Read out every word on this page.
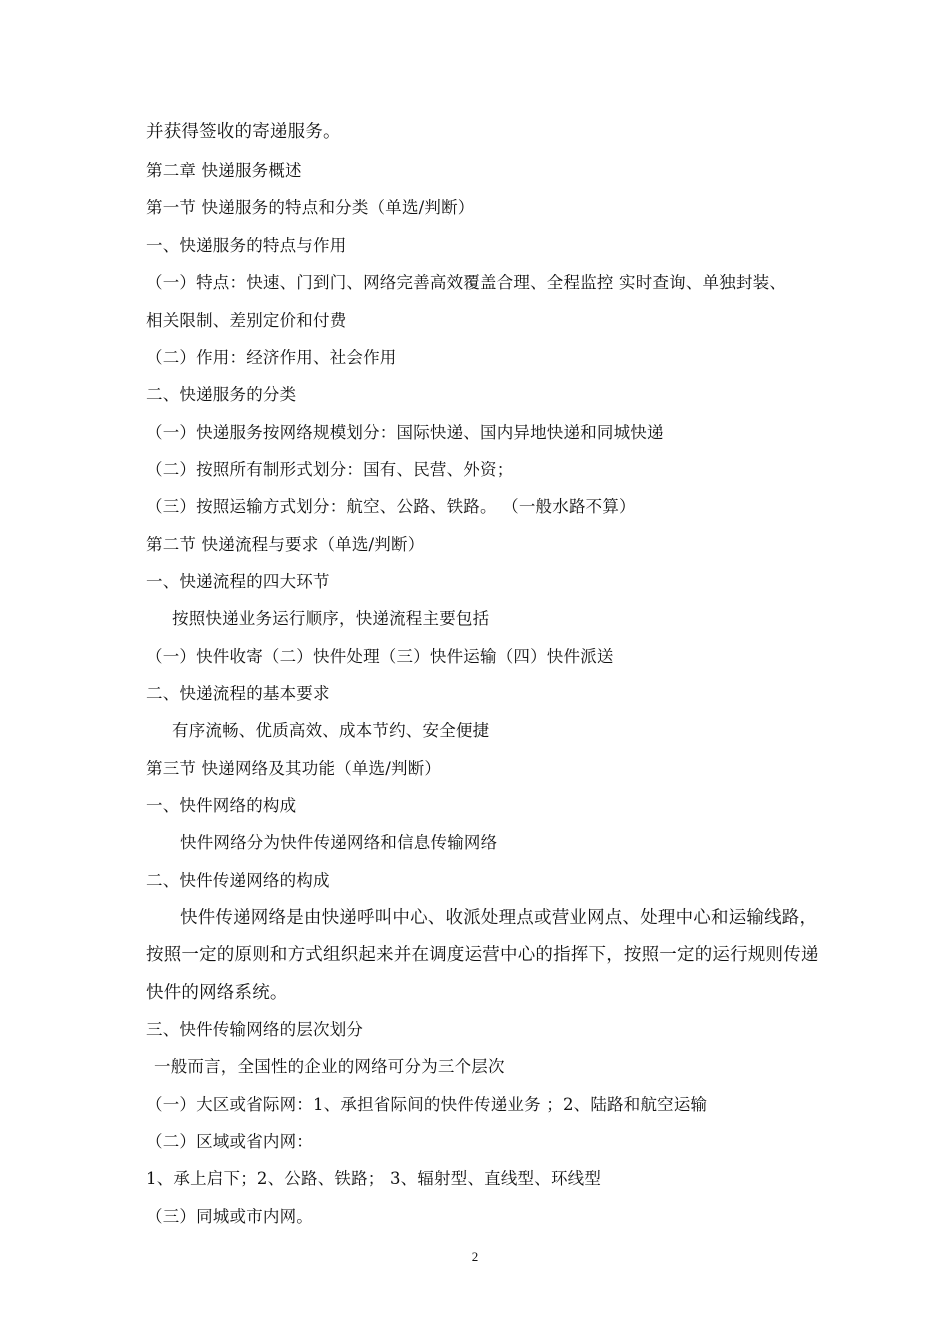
并获得签收的寄递服务。
第二章 快递服务概述
第一节 快递服务的特点和分类（单选/判断）
一、快递服务的特点与作用
（一）特点：快速、门到门、网络完善高效覆盖合理、全程监控 实时查询、单独封装、
相关限制、差别定价和付费
（二）作用：经济作用、社会作用
二、快递服务的分类
（一）快递服务按网络规模划分：国际快递、国内异地快递和同城快递
（二）按照所有制形式划分：国有、民营、外资；
（三）按照运输方式划分：航空、公路、铁路。 （一般水路不算）
第二节 快递流程与要求（单选/判断）
一、快递流程的四大环节
按照快递业务运行顺序，快递流程主要包括
（一）快件收寄（二）快件处理（三）快件运输（四）快件派送
二、快递流程的基本要求
有序流畅、优质高效、成本节约、安全便捷
第三节 快递网络及其功能（单选/判断）
一、快件网络的构成
快件网络分为快件传递网络和信息传输网络
二、快件传递网络的构成
快件传递网络是由快递呼叫中心、收派处理点或营业网点、处理中心和运输线路，
按照一定的原则和方式组织起来并在调度运营中心的指挥下，按照一定的运行规则传递
快件的网络系统。
三、快件传输网络的层次划分
一般而言，全国性的企业的网络可分为三个层次
（一）大区或省际网：1、承担省际间的快件传递业务 ；2、陆路和航空运输
（二）区域或省内网：
1、承上启下；2、公路、铁路； 3、辐射型、直线型、环线型
（三）同城或市内网。
2
